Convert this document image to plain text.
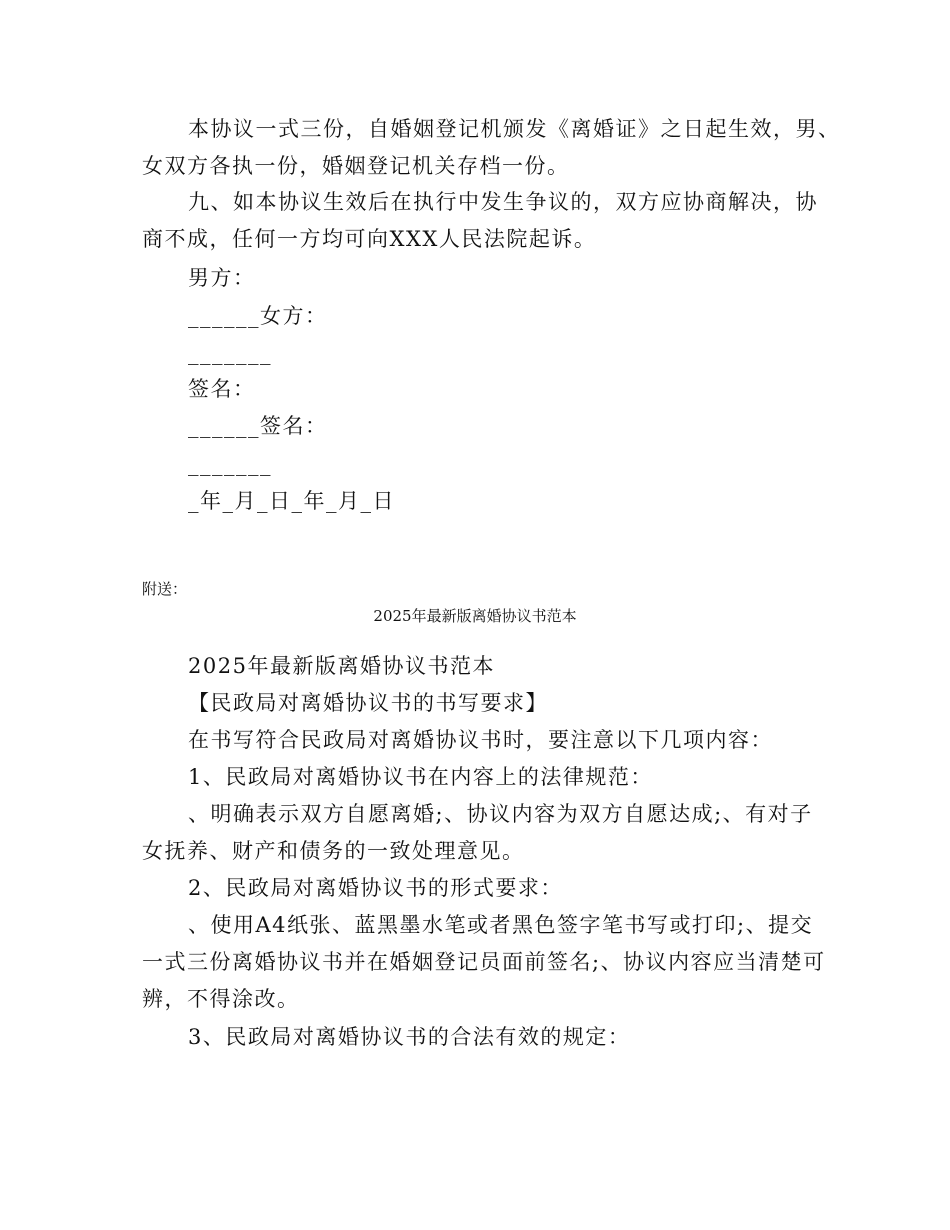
本协议一式三份，自婚姻登记机颁发《离婚证》之日起生效，男、
女双方各执一份，婚姻登记机关存档一份。
九、如本协议生效后在执行中发生争议的，双方应协商解决，协
商不成，任何一方均可向XXX人民法院起诉。
男方：
______女方：
_______
签名：
______签名：
_______
_年_月_日_年_月_日
附送：
2025年最新版离婚协议书范本
2025年最新版离婚协议书范本
【民政局对离婚协议书的书写要求】
在书写符合民政局对离婚协议书时，要注意以下几项内容：
1、民政局对离婚协议书在内容上的法律规范：
、明确表示双方自愿离婚;、协议内容为双方自愿达成;、有对子
女抚养、财产和债务的一致处理意见。
2、民政局对离婚协议书的形式要求：
、使用A4纸张、蓝黑墨水笔或者黑色签字笔书写或打印;、提交
一式三份离婚协议书并在婚姻登记员面前签名;、协议内容应当清楚可
辨，不得涂改。
3、民政局对离婚协议书的合法有效的规定：
